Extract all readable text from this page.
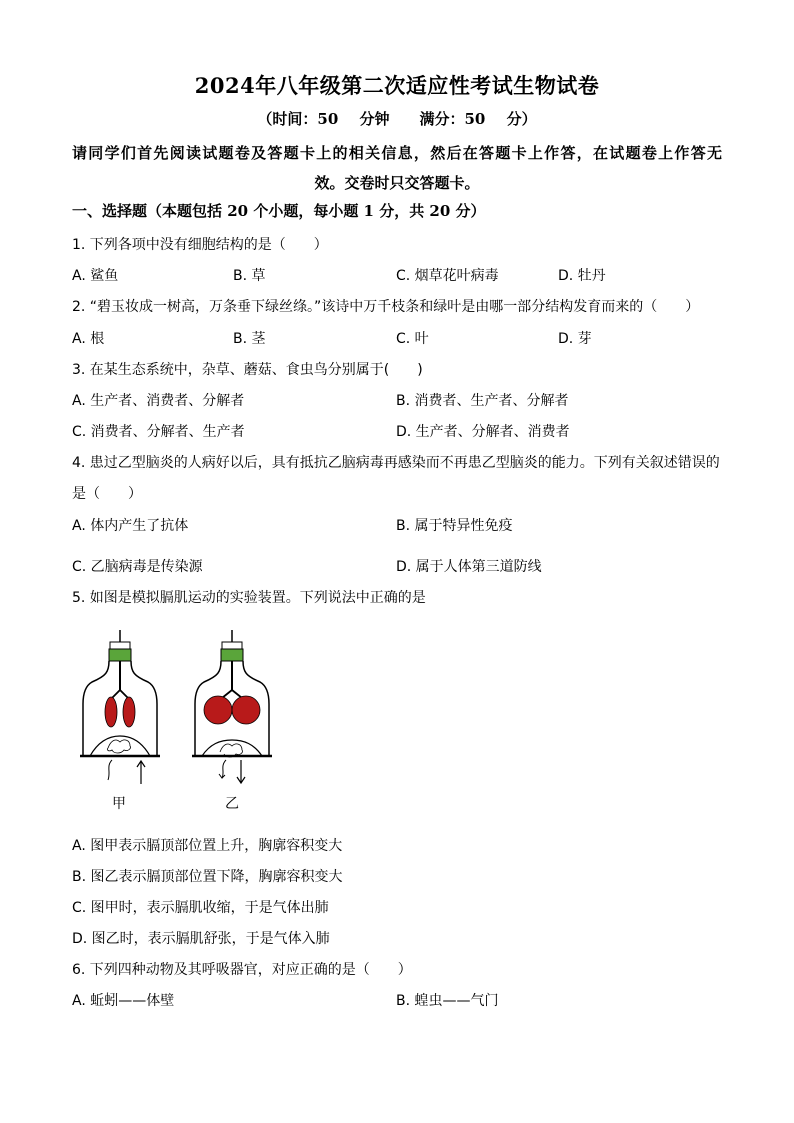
2024年八年级第二次适应性考试生物试卷
（时间：50 分钟　　满分：50 分）
请同学们首先阅读试题卷及答题卡上的相关信息，然后在答题卡上作答，在试题卷上作答无
效。交卷时只交答题卡。
一、选择题（本题包括 20 个小题，每小题 1 分，共 20 分）
1. 下列各项中没有细胞结构的是（　　）
A. 鲨鱼	B. 草	C. 烟草花叶病毒	D. 牡丹
2. “碧玉妆成一树高，万条垂下绿丝绦。”该诗中万千枝条和绿叶是由哪一部分结构发育而来的（　　）
A. 根	B. 茎	C. 叶	D. 芽
3. 在某生态系统中，杂草、蘑菇、食虫鸟分别属于(　　)
A. 生产者、消费者、分解者	B. 消费者、生产者、分解者
C. 消费者、分解者、生产者	D. 生产者、分解者、消费者
4. 患过乙型脑炎的人病好以后，具有抵抗乙脑病毒再感染而不再患乙型脑炎的能力。下列有关叙述错误的
是（　　）
A. 体内产生了抗体	B. 属于特异性免疫
C. 乙脑病毒是传染源	D. 属于人体第三道防线
5. 如图是模拟膈肌运动的实验装置。下列说法中正确的是
甲	乙
A. 图甲表示膈顶部位置上升，胸廓容积变大
B. 图乙表示膈顶部位置下降，胸廓容积变大
C. 图甲时，表示膈肌收缩，于是气体出肺
D. 图乙时，表示膈肌舒张，于是气体入肺
6. 下列四种动物及其呼吸器官，对应正确的是（　　）
A. 蚯蚓——体壁	B. 蝗虫——气门
